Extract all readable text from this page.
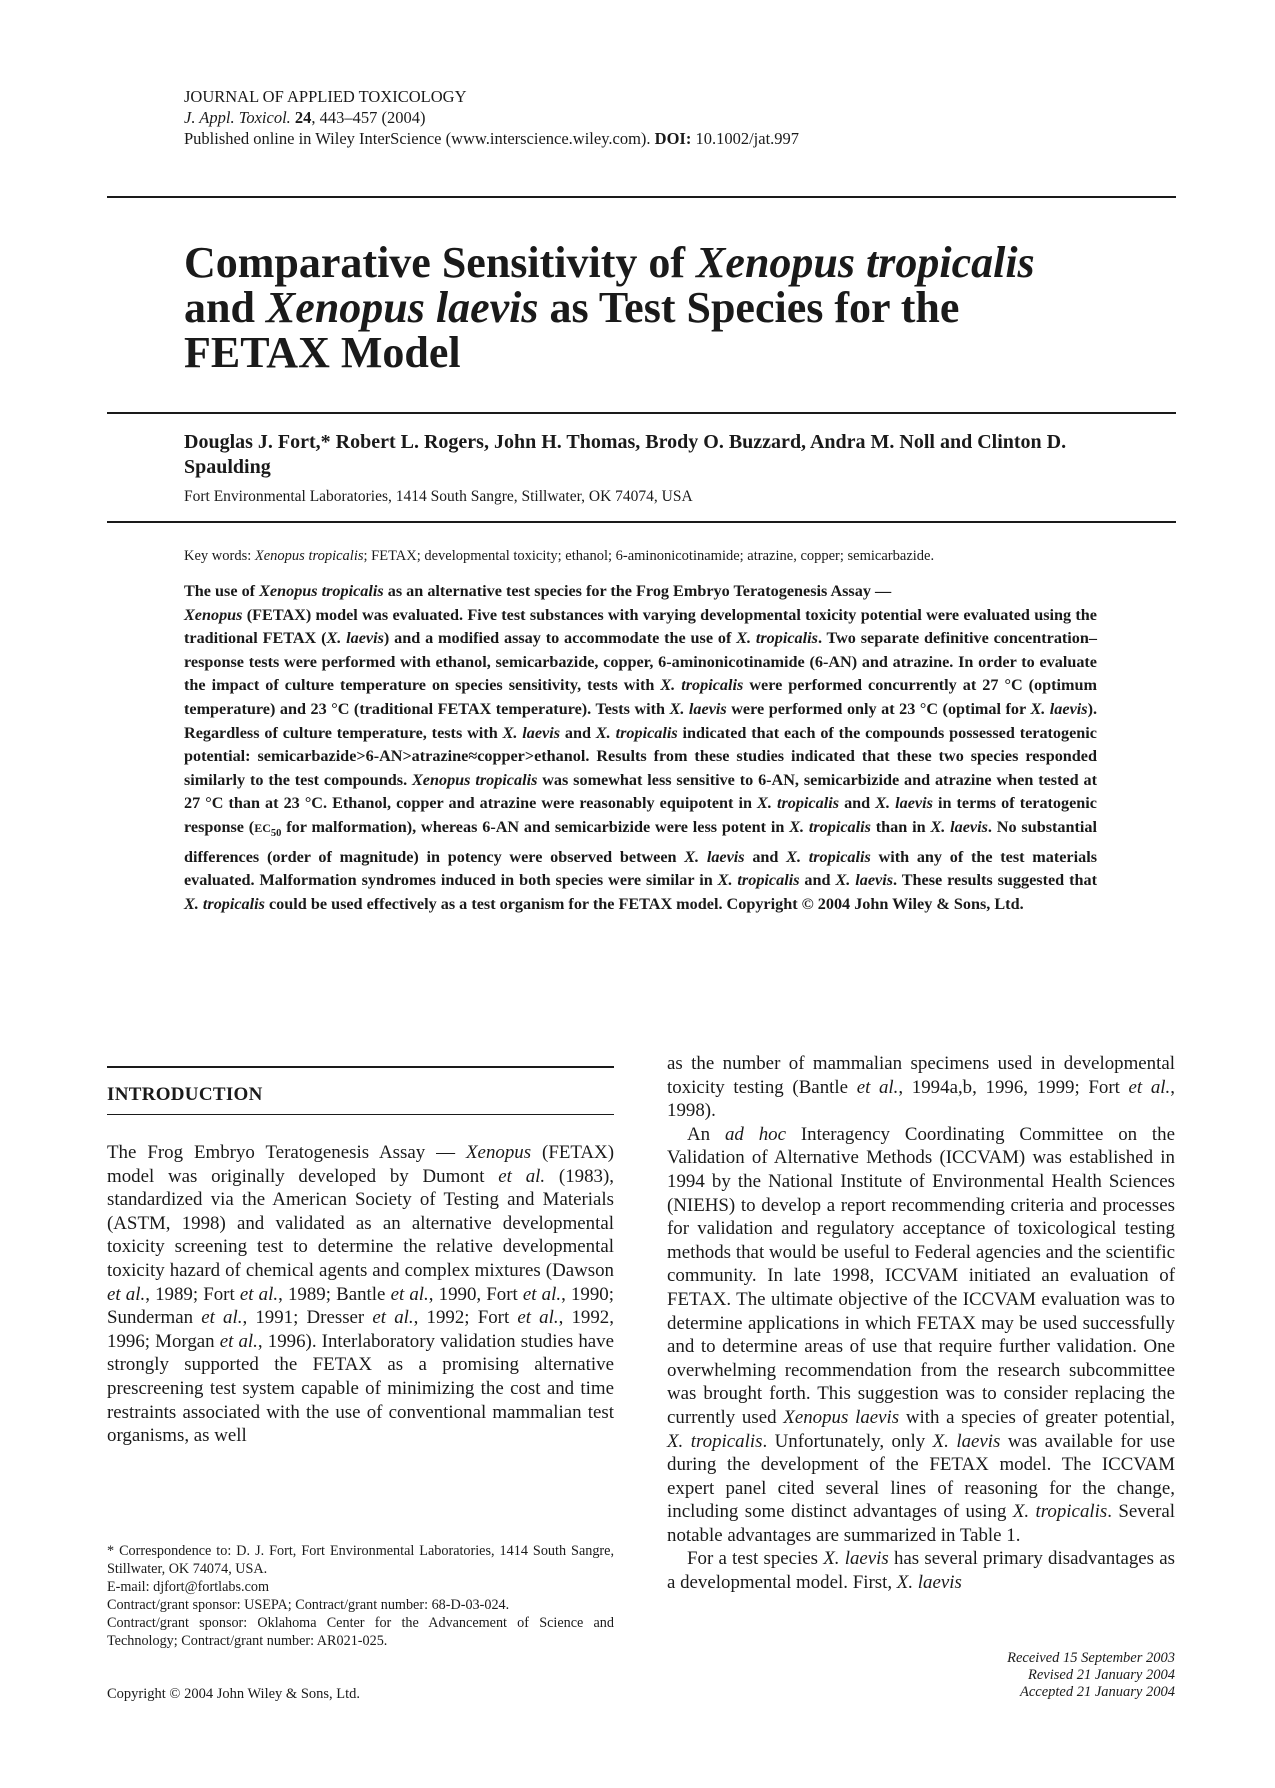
JOURNAL OF APPLIED TOXICOLOGY
J. Appl. Toxicol. 24, 443–457 (2004)
Published online in Wiley InterScience (www.interscience.wiley.com). DOI: 10.1002/jat.997
Comparative Sensitivity of Xenopus tropicalis
and Xenopus laevis as Test Species for the
FETAX Model
Douglas J. Fort,* Robert L. Rogers, John H. Thomas, Brody O. Buzzard, Andra M. Noll and Clinton D. Spaulding
Fort Environmental Laboratories, 1414 South Sangre, Stillwater, OK 74074, USA
Key words: Xenopus tropicalis; FETAX; developmental toxicity; ethanol; 6-aminonicotinamide; atrazine, copper; semicarbazide.
The use of Xenopus tropicalis as an alternative test species for the Frog Embryo Teratogenesis Assay —
Xenopus (FETAX) model was evaluated. Five test substances with varying developmental toxicity potential were evaluated using the traditional FETAX (X. laevis) and a modified assay to accommodate the use of X. tropicalis. Two separate definitive concentration–response tests were performed with ethanol, semicarbazide, copper, 6-aminonicotinamide (6-AN) and atrazine. In order to evaluate the impact of culture temperature on species sensitivity, tests with X. tropicalis were performed concurrently at 27 °C (optimum temperature) and 23 °C (traditional FETAX temperature). Tests with X. laevis were performed only at 23 °C (optimal for X. laevis). Regardless of culture temperature, tests with X. laevis and X. tropicalis indicated that each of the compounds possessed teratogenic potential: semicarbazide>6-AN>atrazine≈copper>ethanol. Results from these studies indicated that these two species responded similarly to the test compounds. Xenopus tropicalis was somewhat less sensitive to 6-AN, semicarbizide and atrazine when tested at 27 °C than at 23 °C. Ethanol, copper and atrazine were reasonably equipotent in X. tropicalis and X. laevis in terms of teratogenic response ($EC_{50}$ for malformation), whereas 6-AN and semicarbizide were less potent in X. tropicalis than in X. laevis. No substantial differences (order of magnitude) in potency were observed between X. laevis and X. tropicalis with any of the test materials evaluated. Malformation syndromes induced in both species were similar in X. tropicalis and X. laevis. These results suggested that X. tropicalis could be used effectively as a test organism for the FETAX model. Copyright © 2004 John Wiley & Sons, Ltd.
INTRODUCTION

The Frog Embryo Teratogenesis Assay — Xenopus (FETAX) model was originally developed by Dumont et al. (1983), standardized via the American Society of Testing and Materials (ASTM, 1998) and validated as an alternative developmental toxicity screening test to determine the relative developmental toxicity hazard of chemical agents and complex mixtures (Dawson et al., 1989; Fort et al., 1989; Bantle et al., 1990, Fort et al., 1990; Sunderman et al., 1991; Dresser et al., 1992; Fort et al., 1992, 1996; Morgan et al., 1996). Interlaboratory validation studies have strongly supported the FETAX as a promising alternative prescreening test system capable of minimizing the cost and time restraints associated with the use of conventional mammalian test organisms, as well

as the number of mammalian specimens used in developmental toxicity testing (Bantle et al., 1994a,b, 1996, 1999; Fort et al., 1998).

An ad hoc Interagency Coordinating Committee on the Validation of Alternative Methods (ICCVAM) was established in 1994 by the National Institute of Environmental Health Sciences (NIEHS) to develop a report recommending criteria and processes for validation and regulatory acceptance of toxicological testing methods that would be useful to Federal agencies and the scientific community. In late 1998, ICCVAM initiated an evaluation of FETAX. The ultimate objective of the ICCVAM evaluation was to determine applications in which FETAX may be used successfully and to determine areas of use that require further validation. One overwhelming recommendation from the research subcommittee was brought forth. This suggestion was to consider replacing the currently used Xenopus laevis with a species of greater potential, X. tropicalis. Unfortunately, only X. laevis was available for use during the development of the FETAX model. The ICCVAM expert panel cited several lines of reasoning for the change, including some distinct advantages of using X. tropicalis. Several notable advantages are summarized in Table 1.

For a test species X. laevis has several primary disadvantages as a developmental model. First, X. laevis

* Correspondence to: D. J. Fort, Fort Environmental Laboratories, 1414 South Sangre, Stillwater, OK 74074, USA.

E-mail: djfort@fortlabs.com

Contract/grant sponsor: USEPA; Contract/grant number: 68-D-03-024.

Contract/grant sponsor: Oklahoma Center for the Advancement of Science and Technology; Contract/grant number: AR021-025.

Received 15 September 2003
Revised 21 January 2004
Accepted 21 January 2004
Copyright © 2004 John Wiley & Sons, Ltd.
